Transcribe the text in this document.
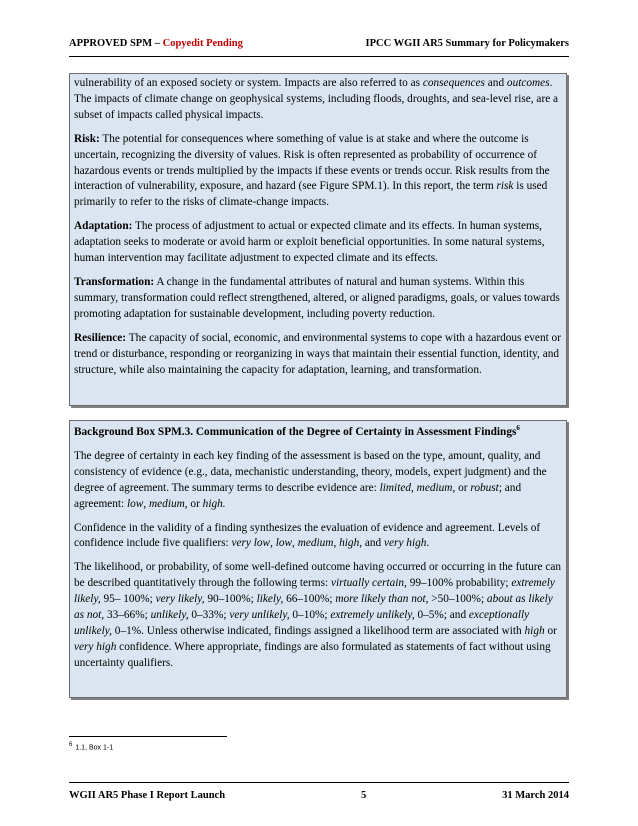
APPROVED SPM – Copyedit Pending	IPCC WGII AR5 Summary for Policymakers

vulnerability of an exposed society or system. Impacts are also referred to as consequences and outcomes. The impacts of climate change on geophysical systems, including floods, droughts, and sea-level rise, are a subset of impacts called physical impacts.

Risk: The potential for consequences where something of value is at stake and where the outcome is uncertain, recognizing the diversity of values. Risk is often represented as probability of occurrence of hazardous events or trends multiplied by the impacts if these events or trends occur. Risk results from the interaction of vulnerability, exposure, and hazard (see Figure SPM.1). In this report, the term risk is used primarily to refer to the risks of climate-change impacts.

Adaptation: The process of adjustment to actual or expected climate and its effects. In human systems, adaptation seeks to moderate or avoid harm or exploit beneficial opportunities. In some natural systems, human intervention may facilitate adjustment to expected climate and its effects.

Transformation: A change in the fundamental attributes of natural and human systems. Within this summary, transformation could reflect strengthened, altered, or aligned paradigms, goals, or values towards promoting adaptation for sustainable development, including poverty reduction.

Resilience: The capacity of social, economic, and environmental systems to cope with a hazardous event or trend or disturbance, responding or reorganizing in ways that maintain their essential function, identity, and structure, while also maintaining the capacity for adaptation, learning, and transformation.

Background Box SPM.3. Communication of the Degree of Certainty in Assessment Findings$^6$

The degree of certainty in each key finding of the assessment is based on the type, amount, quality, and consistency of evidence (e.g., data, mechanistic understanding, theory, models, expert judgment) and the degree of agreement. The summary terms to describe evidence are: limited, medium, or robust; and agreement: low, medium, or high.

Confidence in the validity of a finding synthesizes the evaluation of evidence and agreement. Levels of confidence include five qualifiers: very low, low, medium, high, and very high.

The likelihood, or probability, of some well-defined outcome having occurred or occurring in the future can be described quantitatively through the following terms: virtually certain, 99–100% probability; extremely likely, 95– 100%; very likely, 90–100%; likely, 66–100%; more likely than not, >50–100%; about as likely as not, 33–66%; unlikely, 0–33%; very unlikely, 0–10%; extremely unlikely, 0–5%; and exceptionally unlikely, 0–1%. Unless otherwise indicated, findings assigned a likelihood term are associated with high or very high confidence. Where appropriate, findings are also formulated as statements of fact without using uncertainty qualifiers.

6 1.1, Box 1-1
WGII AR5 Phase I Report Launch	5	31 March 2014
